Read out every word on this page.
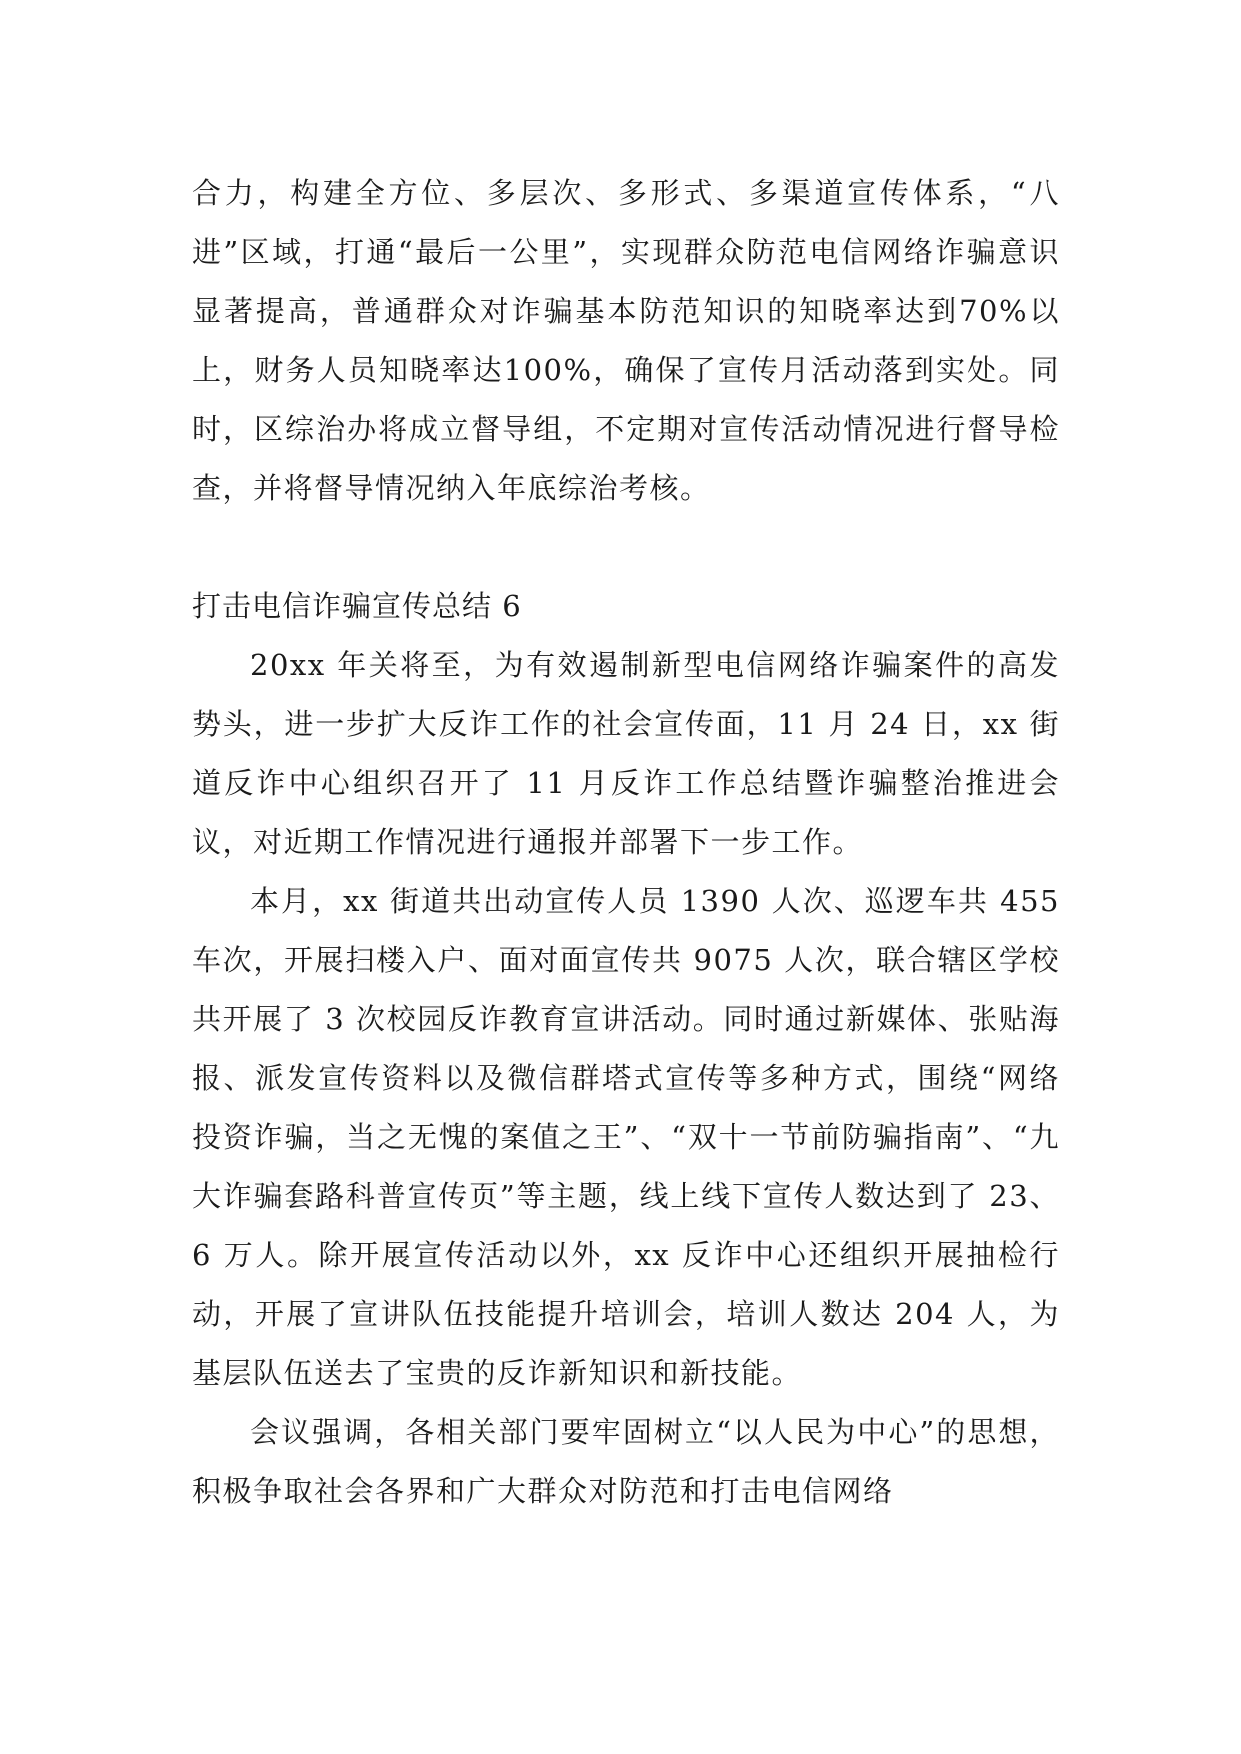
合力，构建全方位、多层次、多形式、多渠道宣传体系，“八进”区域，打通“最后一公里”，实现群众防范电信网络诈骗意识显著提高，普通群众对诈骗基本防范知识的知晓率达到70%以上，财务人员知晓率达100%，确保了宣传月活动落到实处。同时，区综治办将成立督导组，不定期对宣传活动情况进行督导检查，并将督导情况纳入年底综治考核。

打击电信诈骗宣传总结 6

20xx 年关将至，为有效遏制新型电信网络诈骗案件的高发势头，进一步扩大反诈工作的社会宣传面，11 月 24 日，xx 街道反诈中心组织召开了 11 月反诈工作总结暨诈骗整治推进会议，对近期工作情况进行通报并部署下一步工作。

本月，xx 街道共出动宣传人员 1390 人次、巡逻车共 455 车次，开展扫楼入户、面对面宣传共 9075 人次，联合辖区学校共开展了 3 次校园反诈教育宣讲活动。同时通过新媒体、张贴海报、派发宣传资料以及微信群塔式宣传等多种方式，围绕“网络投资诈骗，当之无愧的案值之王”、“双十一节前防骗指南”、“九大诈骗套路科普宣传页”等主题，线上线下宣传人数达到了 23、6 万人。除开展宣传活动以外，xx 反诈中心还组织开展抽检行动，开展了宣讲队伍技能提升培训会，培训人数达 204 人，为基层队伍送去了宝贵的反诈新知识和新技能。

会议强调，各相关部门要牢固树立“以人民为中心”的思想，积极争取社会各界和广大群众对防范和打击电信网络
